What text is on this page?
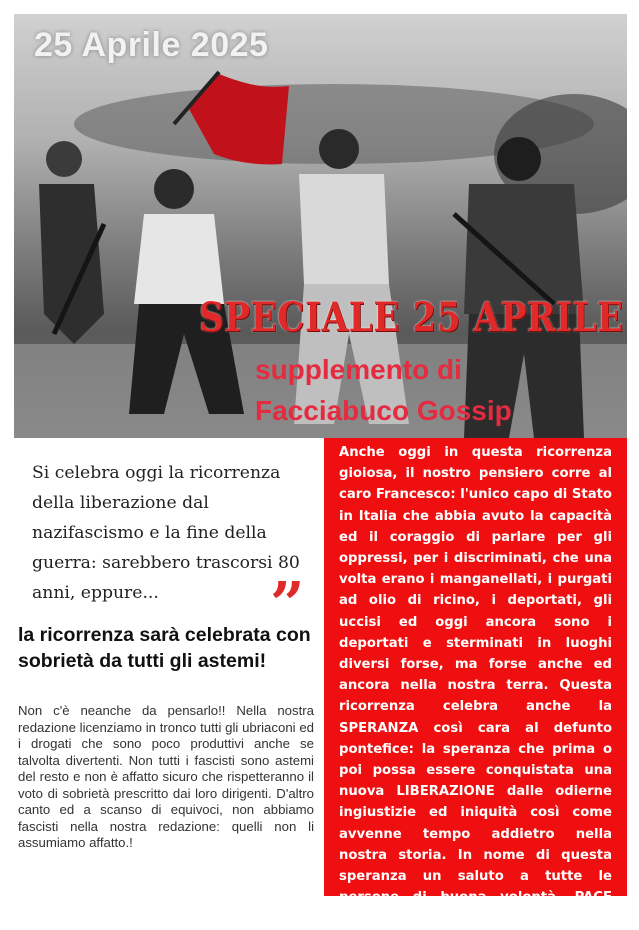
25 Aprile 2025
SPECIALE 25 APRILE
supplemento di
Facciabuco Gossip
Si celebra oggi la ricorrenza della liberazione dal nazifascismo e la fine della guerra: sarebbero trascorsi 80 anni, eppure...	”
la ricorrenza sarà celebrata con sobrietà da tutti gli astemi!
Non c'è neanche da pensarlo!! Nella nostra redazione licenziamo in tronco tutti gli ubriaconi ed i drogati che sono poco produttivi anche se talvolta divertenti. Non tutti i fascisti sono astemi del resto e non è affatto sicuro che rispetteranno il voto di sobrietà prescritto dai loro dirigenti. D'altro canto ed a scanso di equivoci, non abbiamo fascisti nella nostra redazione: quelli non li assumiamo affatto.!
Anche oggi in questa ricorrenza gioiosa, il nostro pensiero corre al caro Francesco: l'unico capo di Stato in Italia che abbia avuto la capacità ed il coraggio di parlare per gli oppressi, per i discriminati, che una volta erano i manganellati, i purgati ad olio di ricino, i deportati, gli uccisi ed oggi ancora sono i deportati e sterminati in luoghi diversi forse, ma forse anche ed ancora nella nostra terra. Questa ricorrenza celebra anche la SPERANZA così cara al defunto pontefice: la speranza che prima o poi possa essere conquistata una nuova LIBERAZIONE dalle odierne ingiustizie ed iniquità così come avvenne tempo addietro nella nostra storia. In nome di questa speranza un saluto a tutte le persone di buona volontà. PACE PACE PACE PACE PACE PACE!
